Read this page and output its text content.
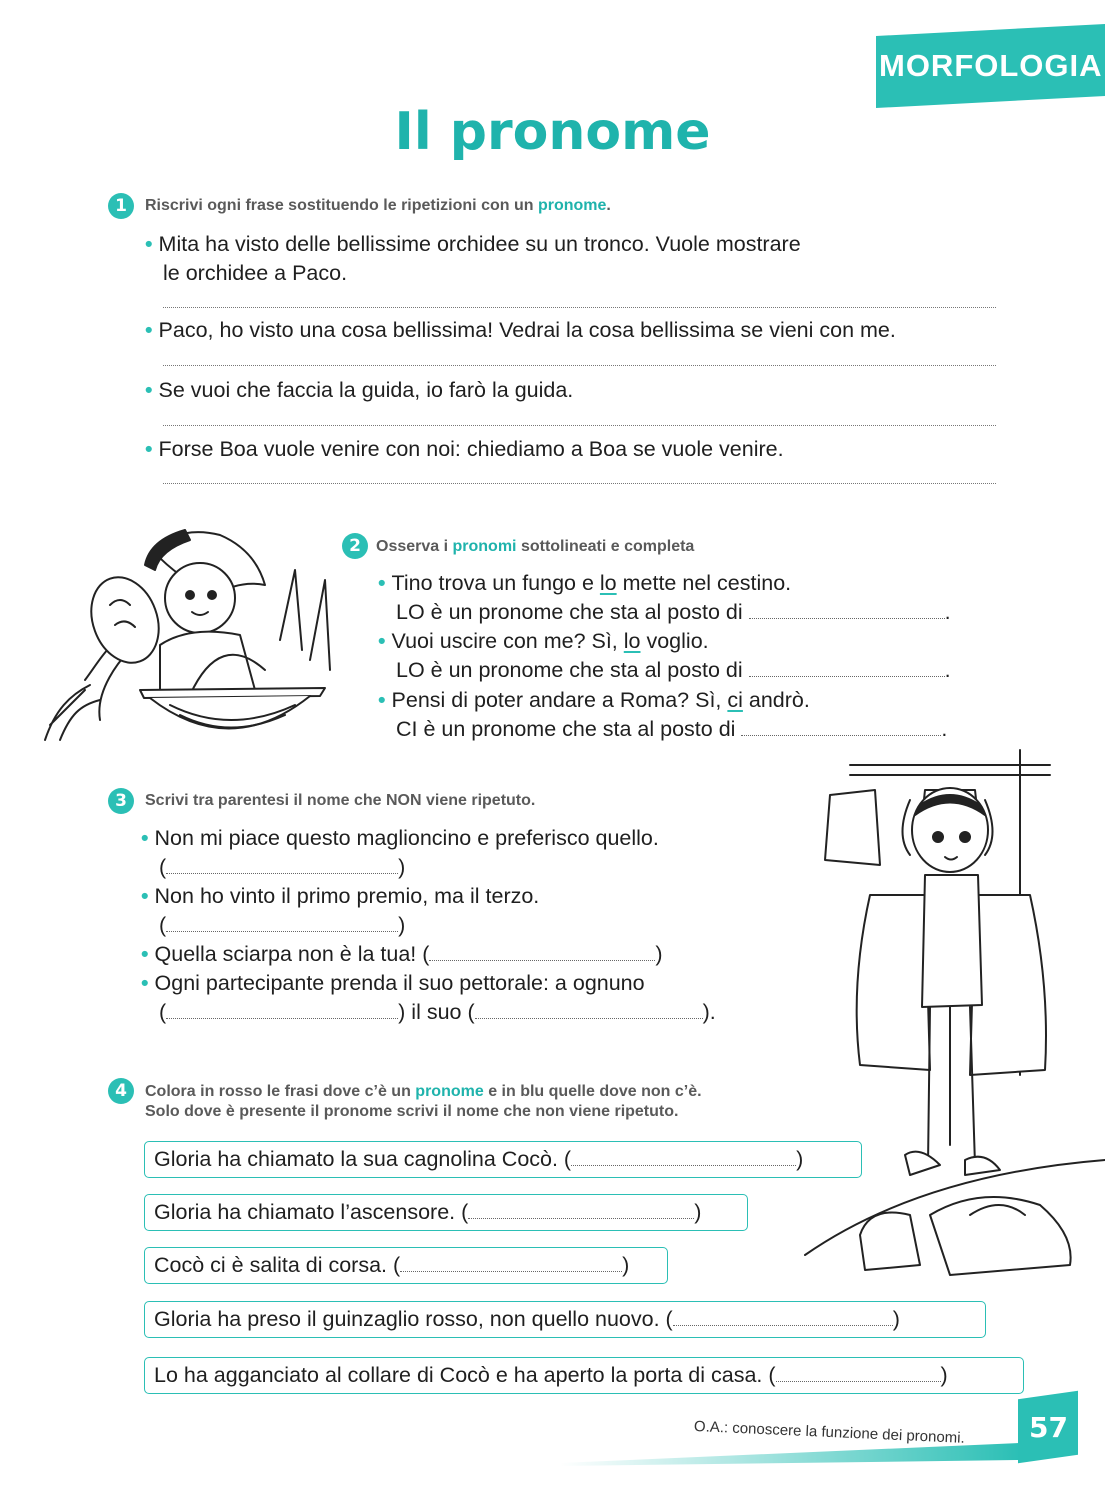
MORFOLOGIA
Il pronome
1	Riscrivi ogni frase sostituendo le ripetizioni con un pronome.
• Mita ha visto delle bellissime orchidee su un tronco. Vuole mostrare
le orchidee a Paco.
• Paco, ho visto una cosa bellissima! Vedrai la cosa bellissima se vieni con me.
• Se vuoi che faccia la guida, io farò la guida.
• Forse Boa vuole venire con noi: chiediamo a Boa se vuole venire.
2 Osserva i pronomi sottolineati e completa
• Tino trova un fungo e lo mette nel cestino.
LO è un pronome che sta al posto di	.
• Vuoi uscire con me? Sì, lo voglio.
LO è un pronome che sta al posto di	.
• Pensi di poter andare a Roma? Sì, ci andrò.
CI è un pronome che sta al posto di	.
3	Scrivi tra parentesi il nome che NON viene ripetuto.
• Non mi piace questo maglioncino e preferisco quello.
(	)
• Non ho vinto il primo premio, ma il terzo.
(	)
• Quella sciarpa non è la tua! (	)
• Ogni partecipante prenda il suo pettorale: a ognuno
(	) il suo (	).
4	Colora in rosso le frasi dove c’è un pronome e in blu quelle dove non c’è.
Solo dove è presente il pronome scrivi il nome che non viene ripetuto.
Gloria ha chiamato la sua cagnolina Cocò. (	)
Gloria ha chiamato l’ascensore. (	)
Cocò ci è salita di corsa. (	)
Gloria ha preso il guinzaglio rosso, non quello nuovo. (	)
Lo ha agganciato al collare di Cocò e ha aperto la porta di casa. (	)
O.A.: conoscere la funzione dei pronomi. 57
